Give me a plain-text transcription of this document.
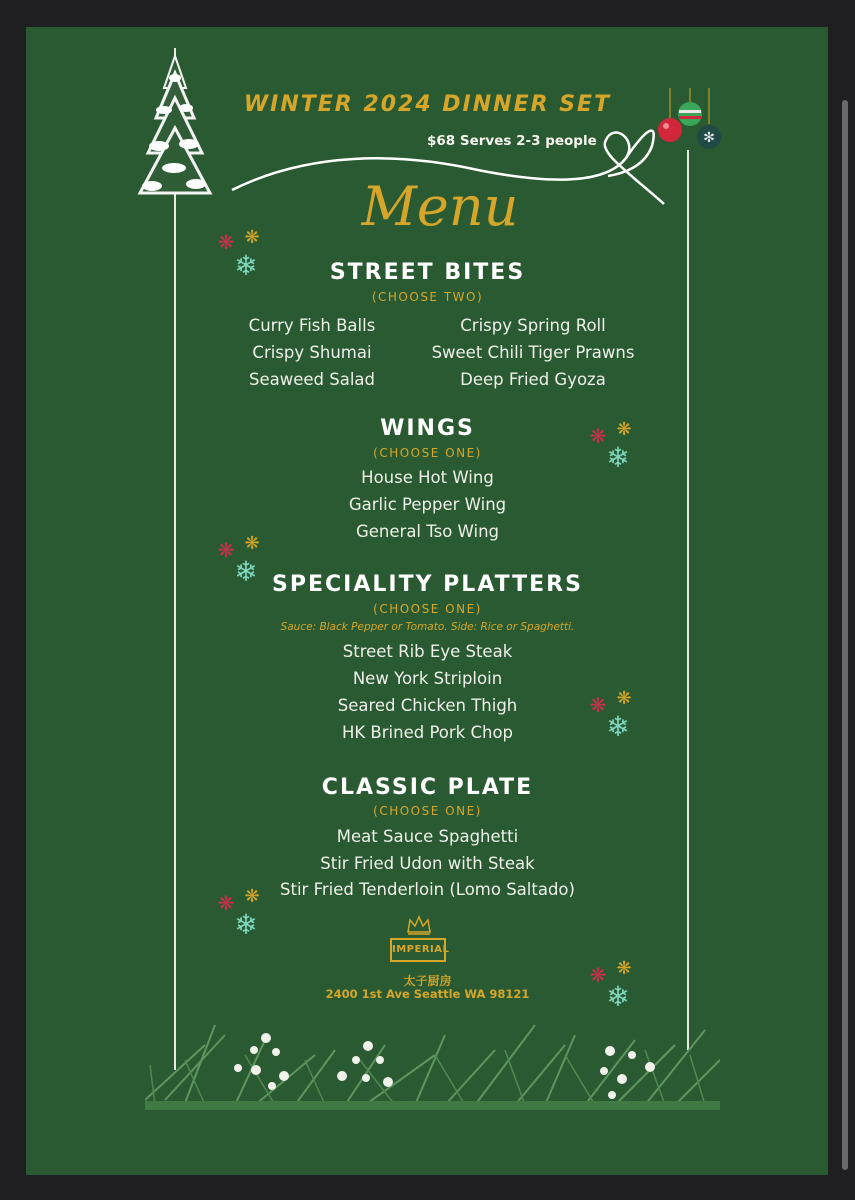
✻
WINTER 2024 DINNER SET
$68 Serves 2-3 people
Menu
❋ ❋
❄
❋ ❋
❄
❋ ❋
❄
❋ ❋
❄
❋ ❋
❄
❋ ❋
❄
STREET BITES
(CHOOSE TWO)
Curry Fish Balls
Crispy Shumai
Seaweed Salad
Crispy Spring Roll
Sweet Chili Tiger Prawns
Deep Fried Gyoza
WINGS
(CHOOSE ONE)
House Hot Wing
Garlic Pepper Wing
General Tso Wing
SPECIALITY PLATTERS
(CHOOSE ONE)
Sauce: Black Pepper or Tomato. Side: Rice or Spaghetti.
Street Rib Eye Steak
New York Striploin
Seared Chicken Thigh
HK Brined Pork Chop
CLASSIC PLATE
(CHOOSE ONE)
Meat Sauce Spaghetti
Stir Fried Udon with Steak
Stir Fried Tenderloin (Lomo Saltado)
IMPERIAL
太子厨房
2400 1st Ave Seattle WA 98121
